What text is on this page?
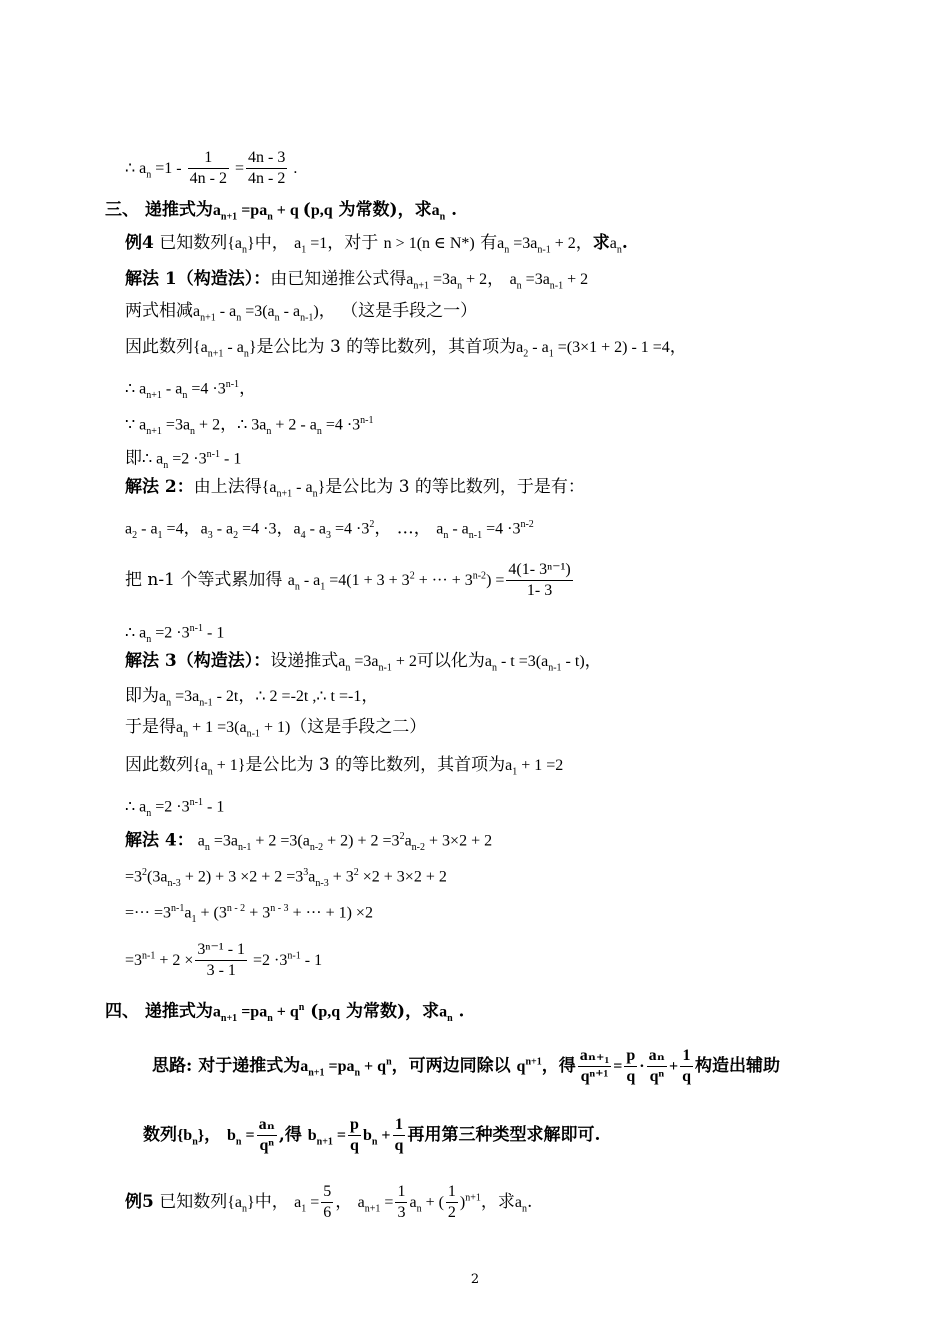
∴ $a_n =1 - \frac{1}{4n - 2} = \frac{4n - 3}{4n - 2}$ .
三、 递推式为$a_{n+1} =pa_n + q$ (p,q 为常数)，求$a_n$ .
例4 已知数列$\{a_n\}$中， $a_1 =1$，对于 n > 1(n ∈ N*) 有$a_n =3a_{n-1} + 2$，求$a_n$.
解法 1（构造法）：由已知递推公式得$a_{n+1} =3a_n + 2$， $a_n =3a_{n-1} + 2$
两式相减$a_{n+1} - a_n =3(a_n - a_{n-1})$， （这是手段之一）
因此数列$\{a_{n+1} - a_n\}$是公比为 3 的等比数列，其首项为$a_2 - a_1 =(3\times 1 + 2) - 1 =4$，
∴ $a_{n+1} - a_n =4 \cdot 3^{n-1}$，
∵ $a_{n+1} =3a_n + 2$，∴ $3a_n + 2 - a_n =4 \cdot 3^{n-1}$
即∴ $a_n =2 \cdot 3^{n-1} - 1$
解法 2：由上法得$\{a_{n+1} - a_n\}$是公比为 3 的等比数列，于是有：
$a_2 - a_1 =4$，$a_3 - a_2 =4 \cdot 3$，$a_4 - a_3 =4 \cdot 3^2$， …， $a_n - a_{n-1} =4 \cdot 3^{n-2}$
把 n-1 个等式累加得 $a_n - a_1 =4(1 + 3 + 3^2$ + ··· + $3^{n-2}) = \frac{\text{4(1- 3ⁿ⁻¹)}}{1- 3}$
∴ $a_n =2 \cdot 3^{n-1} - 1$
解法 3（构造法）：设递推式$a_n =3a_{n-1} + 2$可以化为$a_n - t =3(a_{n-1} - t)$，
即为$a_n =3a_{n-1} - 2t$，∴ 2 =-2t ,∴ t =-1，
于是得$a_n + 1 =3(a_{n-1} + 1)$（这是手段之二）
因此数列$\{a_n + 1\}$是公比为 3 的等比数列，其首项为$a_1 + 1 =2$
∴ $a_n =2 \cdot 3^{n-1} - 1$
解法 4： $a_n =3a_{n-1} + 2 =3(a_{n-2} + 2) + 2 =3^2a_{n-2} + 3\times 2 + 2$
$=3^2(3a_{n-3} + 2) + 3 \times 2 + 2 =3^3a_{n-3} + 3^2 \times 2 + 3\times 2 + 2$
=··· $=3^{n-1}a_1 + (3^{n - 2} + 3^{n - 3}$ + ··· + 1) ×2
$=3^{n-1} + 2 \times \frac{\text{3ⁿ⁻¹ - 1}}{3 - 1} =2 \cdot 3^{n-1} - 1$
四、 递推式为$a_{n+1} =pa_n + q^n$ (p,q 为常数)，求$a_n$ .
思路: 对于递推式为$a_{n+1} =pa_n + q^n$，可两边同除以 $q^{n+1}$，得 $\frac{\text{aₙ₊₁}}{\text{qⁿ⁺¹}} = \frac{p}{q} \cdot \frac{\text{aₙ}}{\text{qⁿ}} + \frac{1}{q}$ 构造出辅助
数列$\{b_n\}$， $b_n = \frac{\text{aₙ}}{\text{qⁿ}}$ ,得 $b_{n+1} = \frac{p}{q} b_n + \frac{1}{q}$ 再用第三种类型求解即可.
例5 已知数列$\{a_n\}$中， $a_1 = \frac{5}{6}$ ， $a_{n+1} = \frac{1}{3} a_n$ + ( $\frac{1}{2} )^{n+1}$，求$a_n$.
2
